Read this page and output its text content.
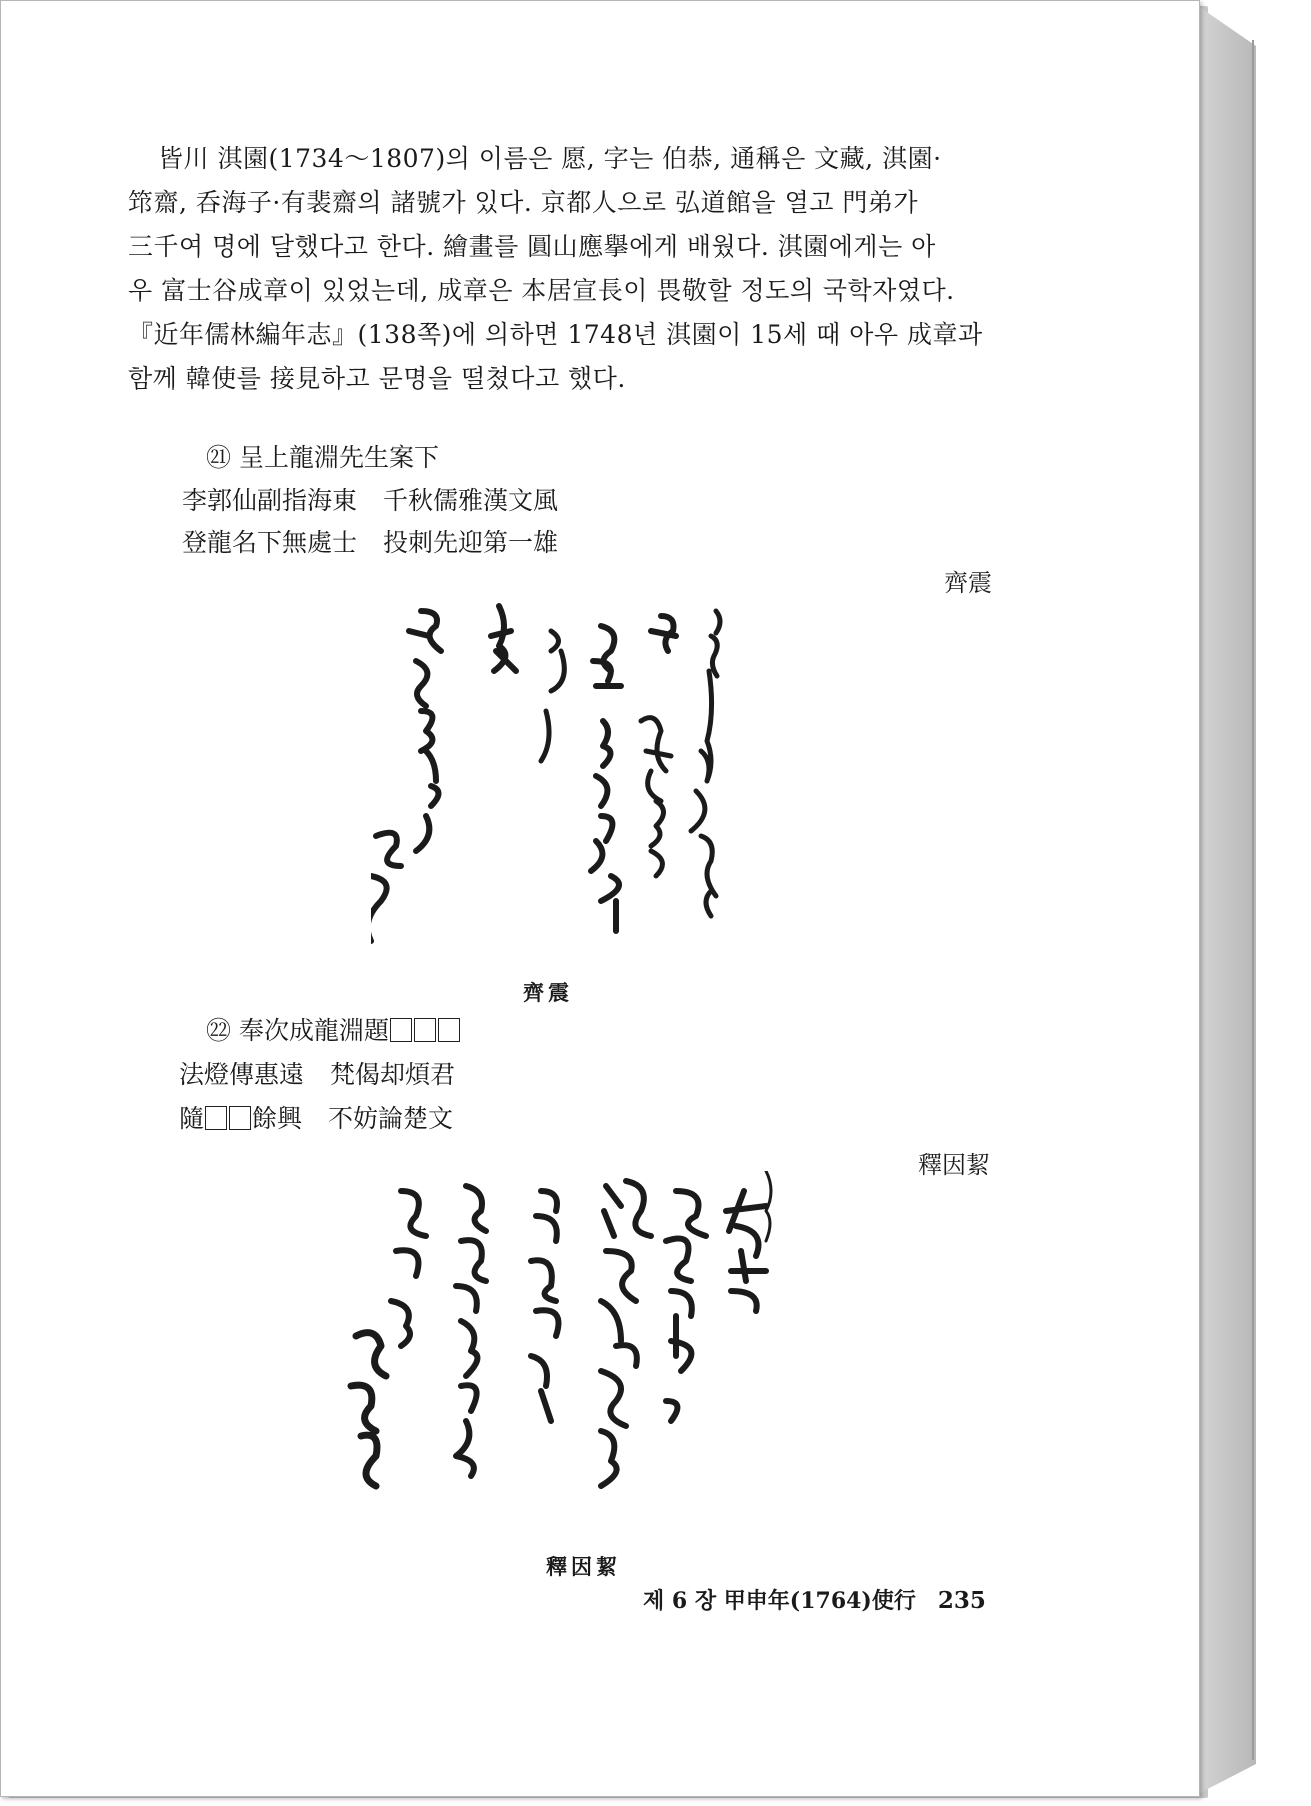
皆川 淇園(1734～1807)의 이름은 愿, 字는 伯恭, 通稱은 文藏, 淇園·
筇齋, 呑海子·有裴齋의 諸號가 있다. 京都人으로 弘道館을 열고 門弟가
三千여 명에 달했다고 한다. 繪畫를 圓山應擧에게 배웠다. 淇園에게는 아
우 富士谷成章이 있었는데, 成章은 本居宣長이 畏敬할 정도의 국학자였다.
『近年儒林編年志』(138쪽)에 의하면 1748년 淇園이 15세 때 아우 成章과
함께 韓使를 接見하고 문명을 떨쳤다고 했다.
㉑ 呈上龍淵先生案下
李郭仙副指海東 千秋儒雅漢文風
登龍名下無處士 投刺先迎第一雄
齊震
齊震
㉒ 奉次成龍淵題
法燈傳惠遠 梵偈却煩君
隨 餘興 不妨論楚文
釋因絜
釋因絜
제 6 장 甲申年(1764)使行 235
